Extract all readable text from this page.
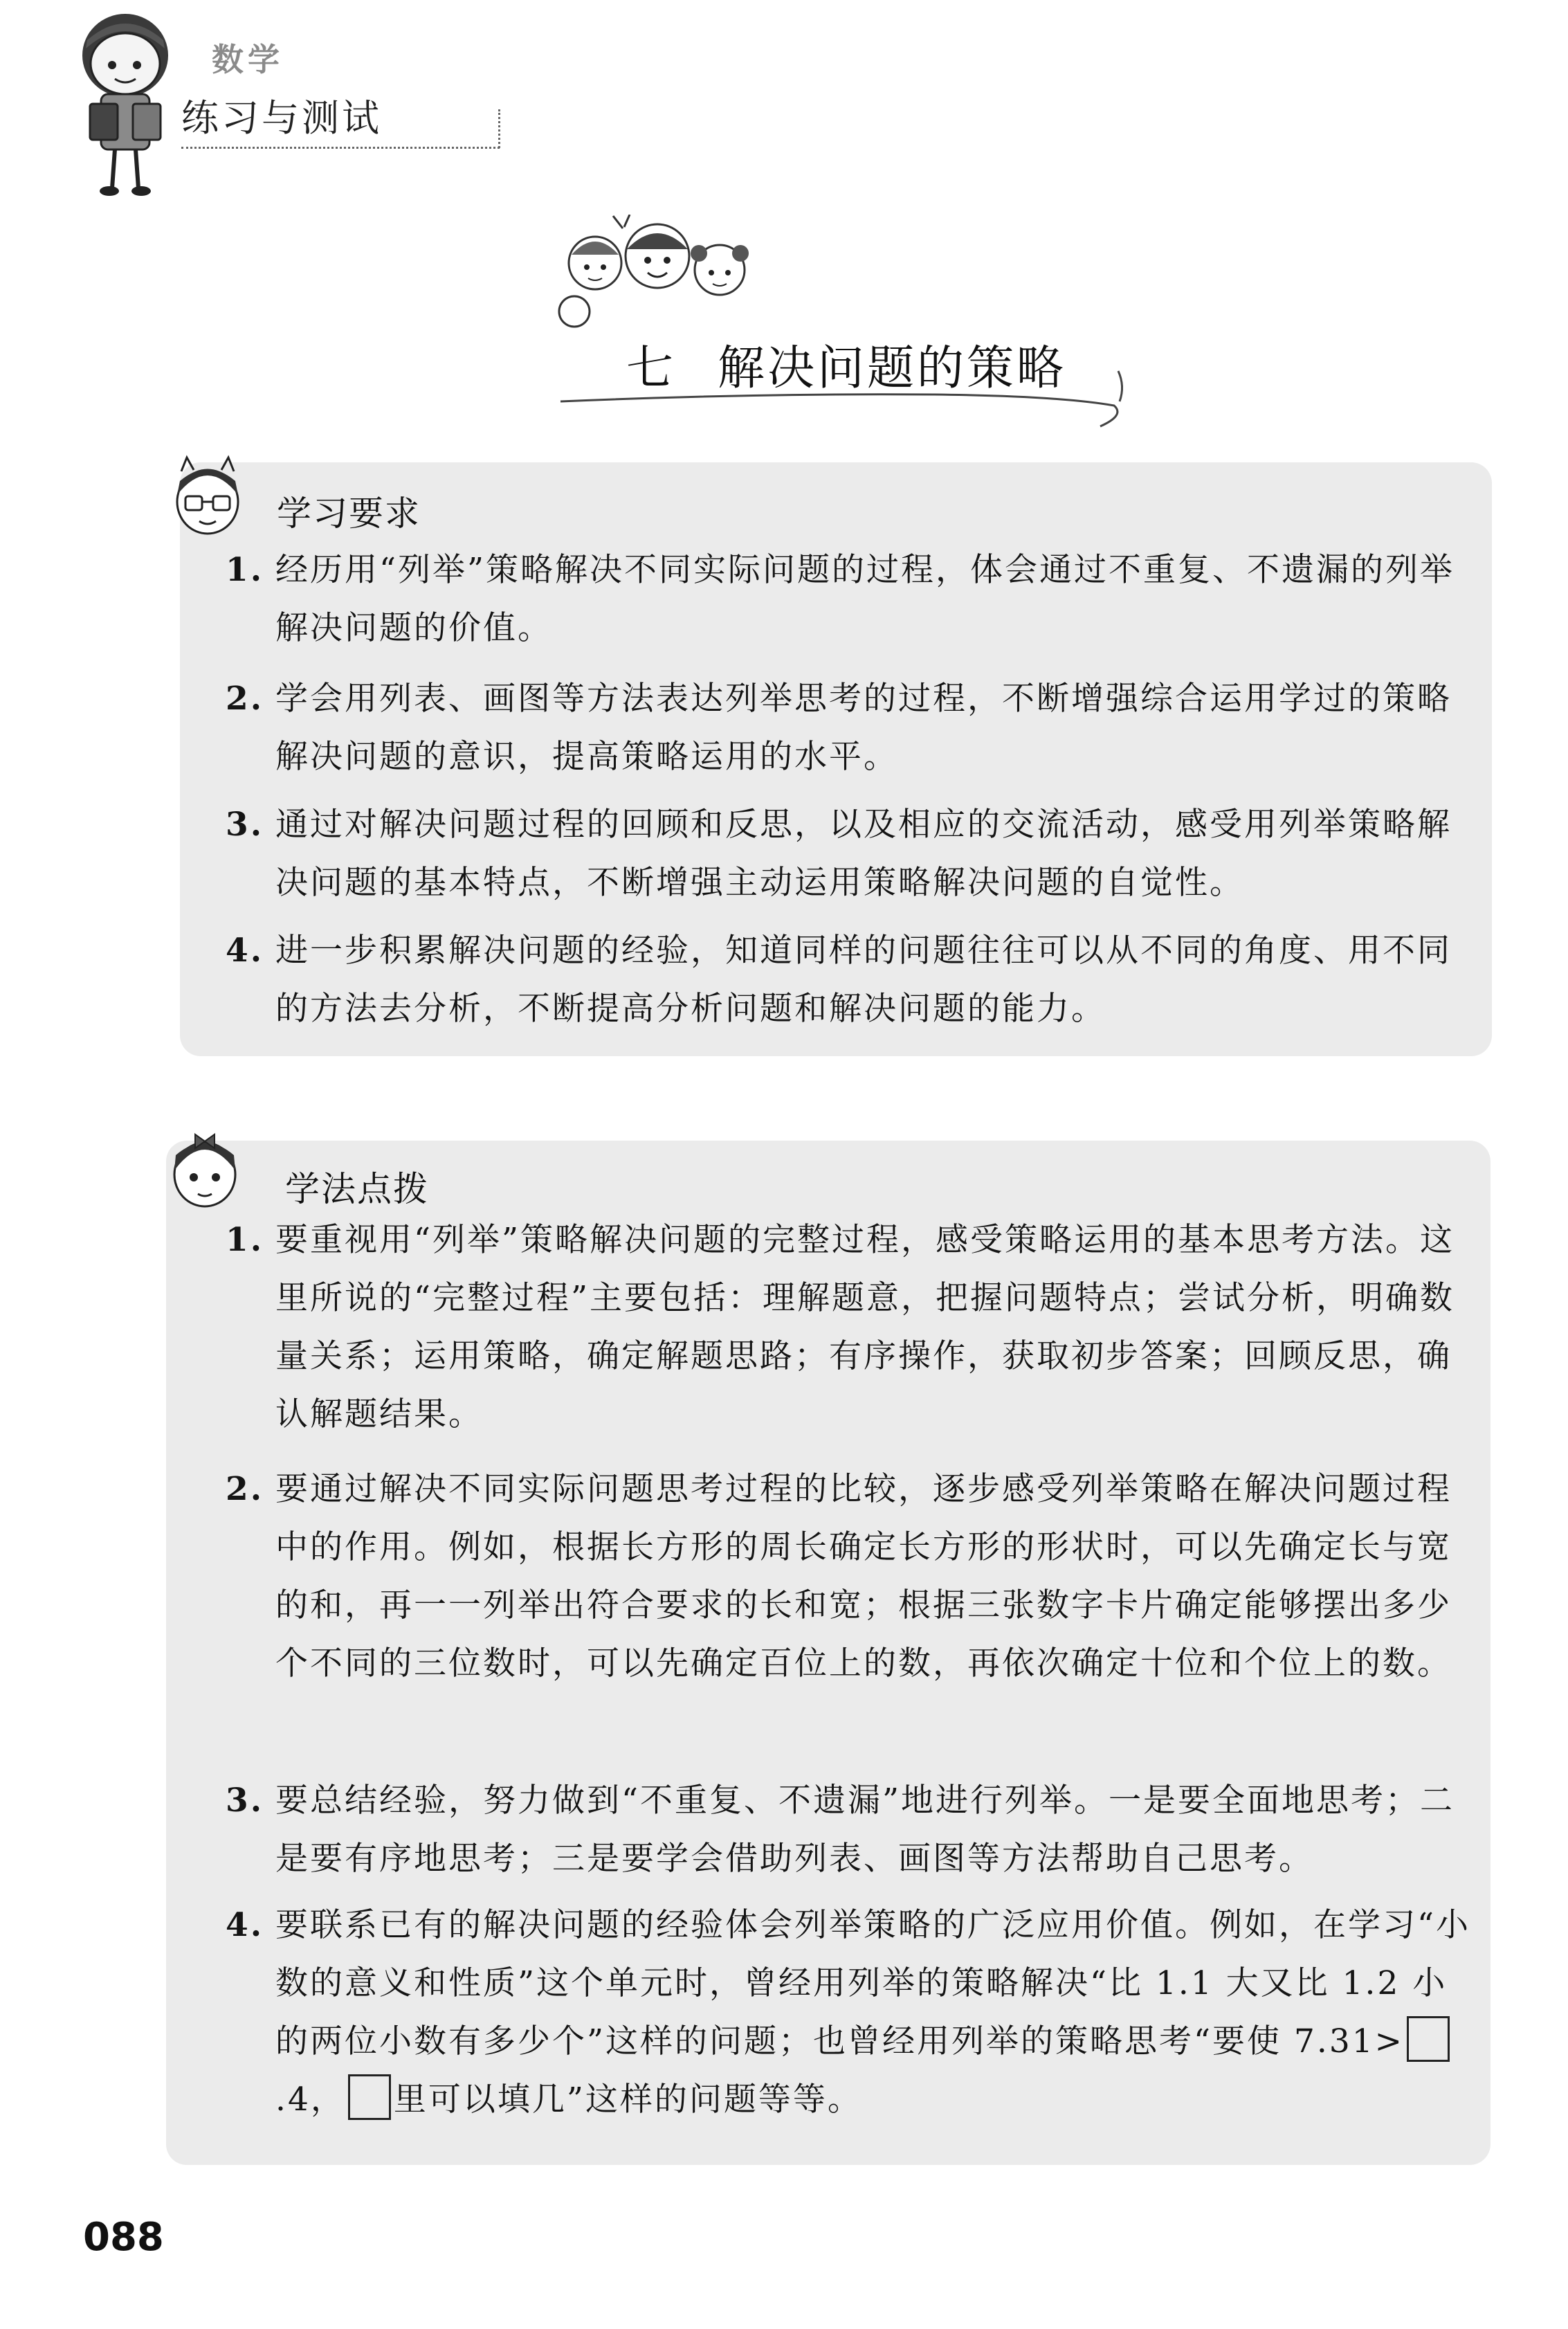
数学
练习与测试
七 解决问题的策略
学习要求
1. 经历用“列举”策略解决不同实际问题的过程，体会通过不重复、不遗漏的列举解决问题的价值。
2. 学会用列表、画图等方法表达列举思考的过程，不断增强综合运用学过的策略解决问题的意识，提高策略运用的水平。
3. 通过对解决问题过程的回顾和反思，以及相应的交流活动，感受用列举策略解决问题的基本特点，不断增强主动运用策略解决问题的自觉性。
4. 进一步积累解决问题的经验，知道同样的问题往往可以从不同的角度、用不同的方法去分析，不断提高分析问题和解决问题的能力。
学法点拨
1. 要重视用“列举”策略解决问题的完整过程，感受策略运用的基本思考方法。这里所说的“完整过程”主要包括：理解题意，把握问题特点；尝试分析，明确数量关系；运用策略，确定解题思路；有序操作，获取初步答案；回顾反思，确认解题结果。
2. 要通过解决不同实际问题思考过程的比较，逐步感受列举策略在解决问题过程中的作用。例如，根据长方形的周长确定长方形的形状时，可以先确定长与宽的和，再一一列举出符合要求的长和宽；根据三张数字卡片确定能够摆出多少个不同的三位数时，可以先确定百位上的数，再依次确定十位和个位上的数。
3. 要总结经验，努力做到“不重复、不遗漏”地进行列举。一是要全面地思考；二是要有序地思考；三是要学会借助列表、画图等方法帮助自己思考。
4. 要联系已有的解决问题的经验体会列举策略的广泛应用价值。例如，在学习“小数的意义和性质”这个单元时，曾经用列举的策略解决“比 1.1 大又比 1.2 小的两位小数有多少个”这样的问题；也曾经用列举的策略思考“要使 7.31>.4， 里可以填几”这样的问题等等。
088
